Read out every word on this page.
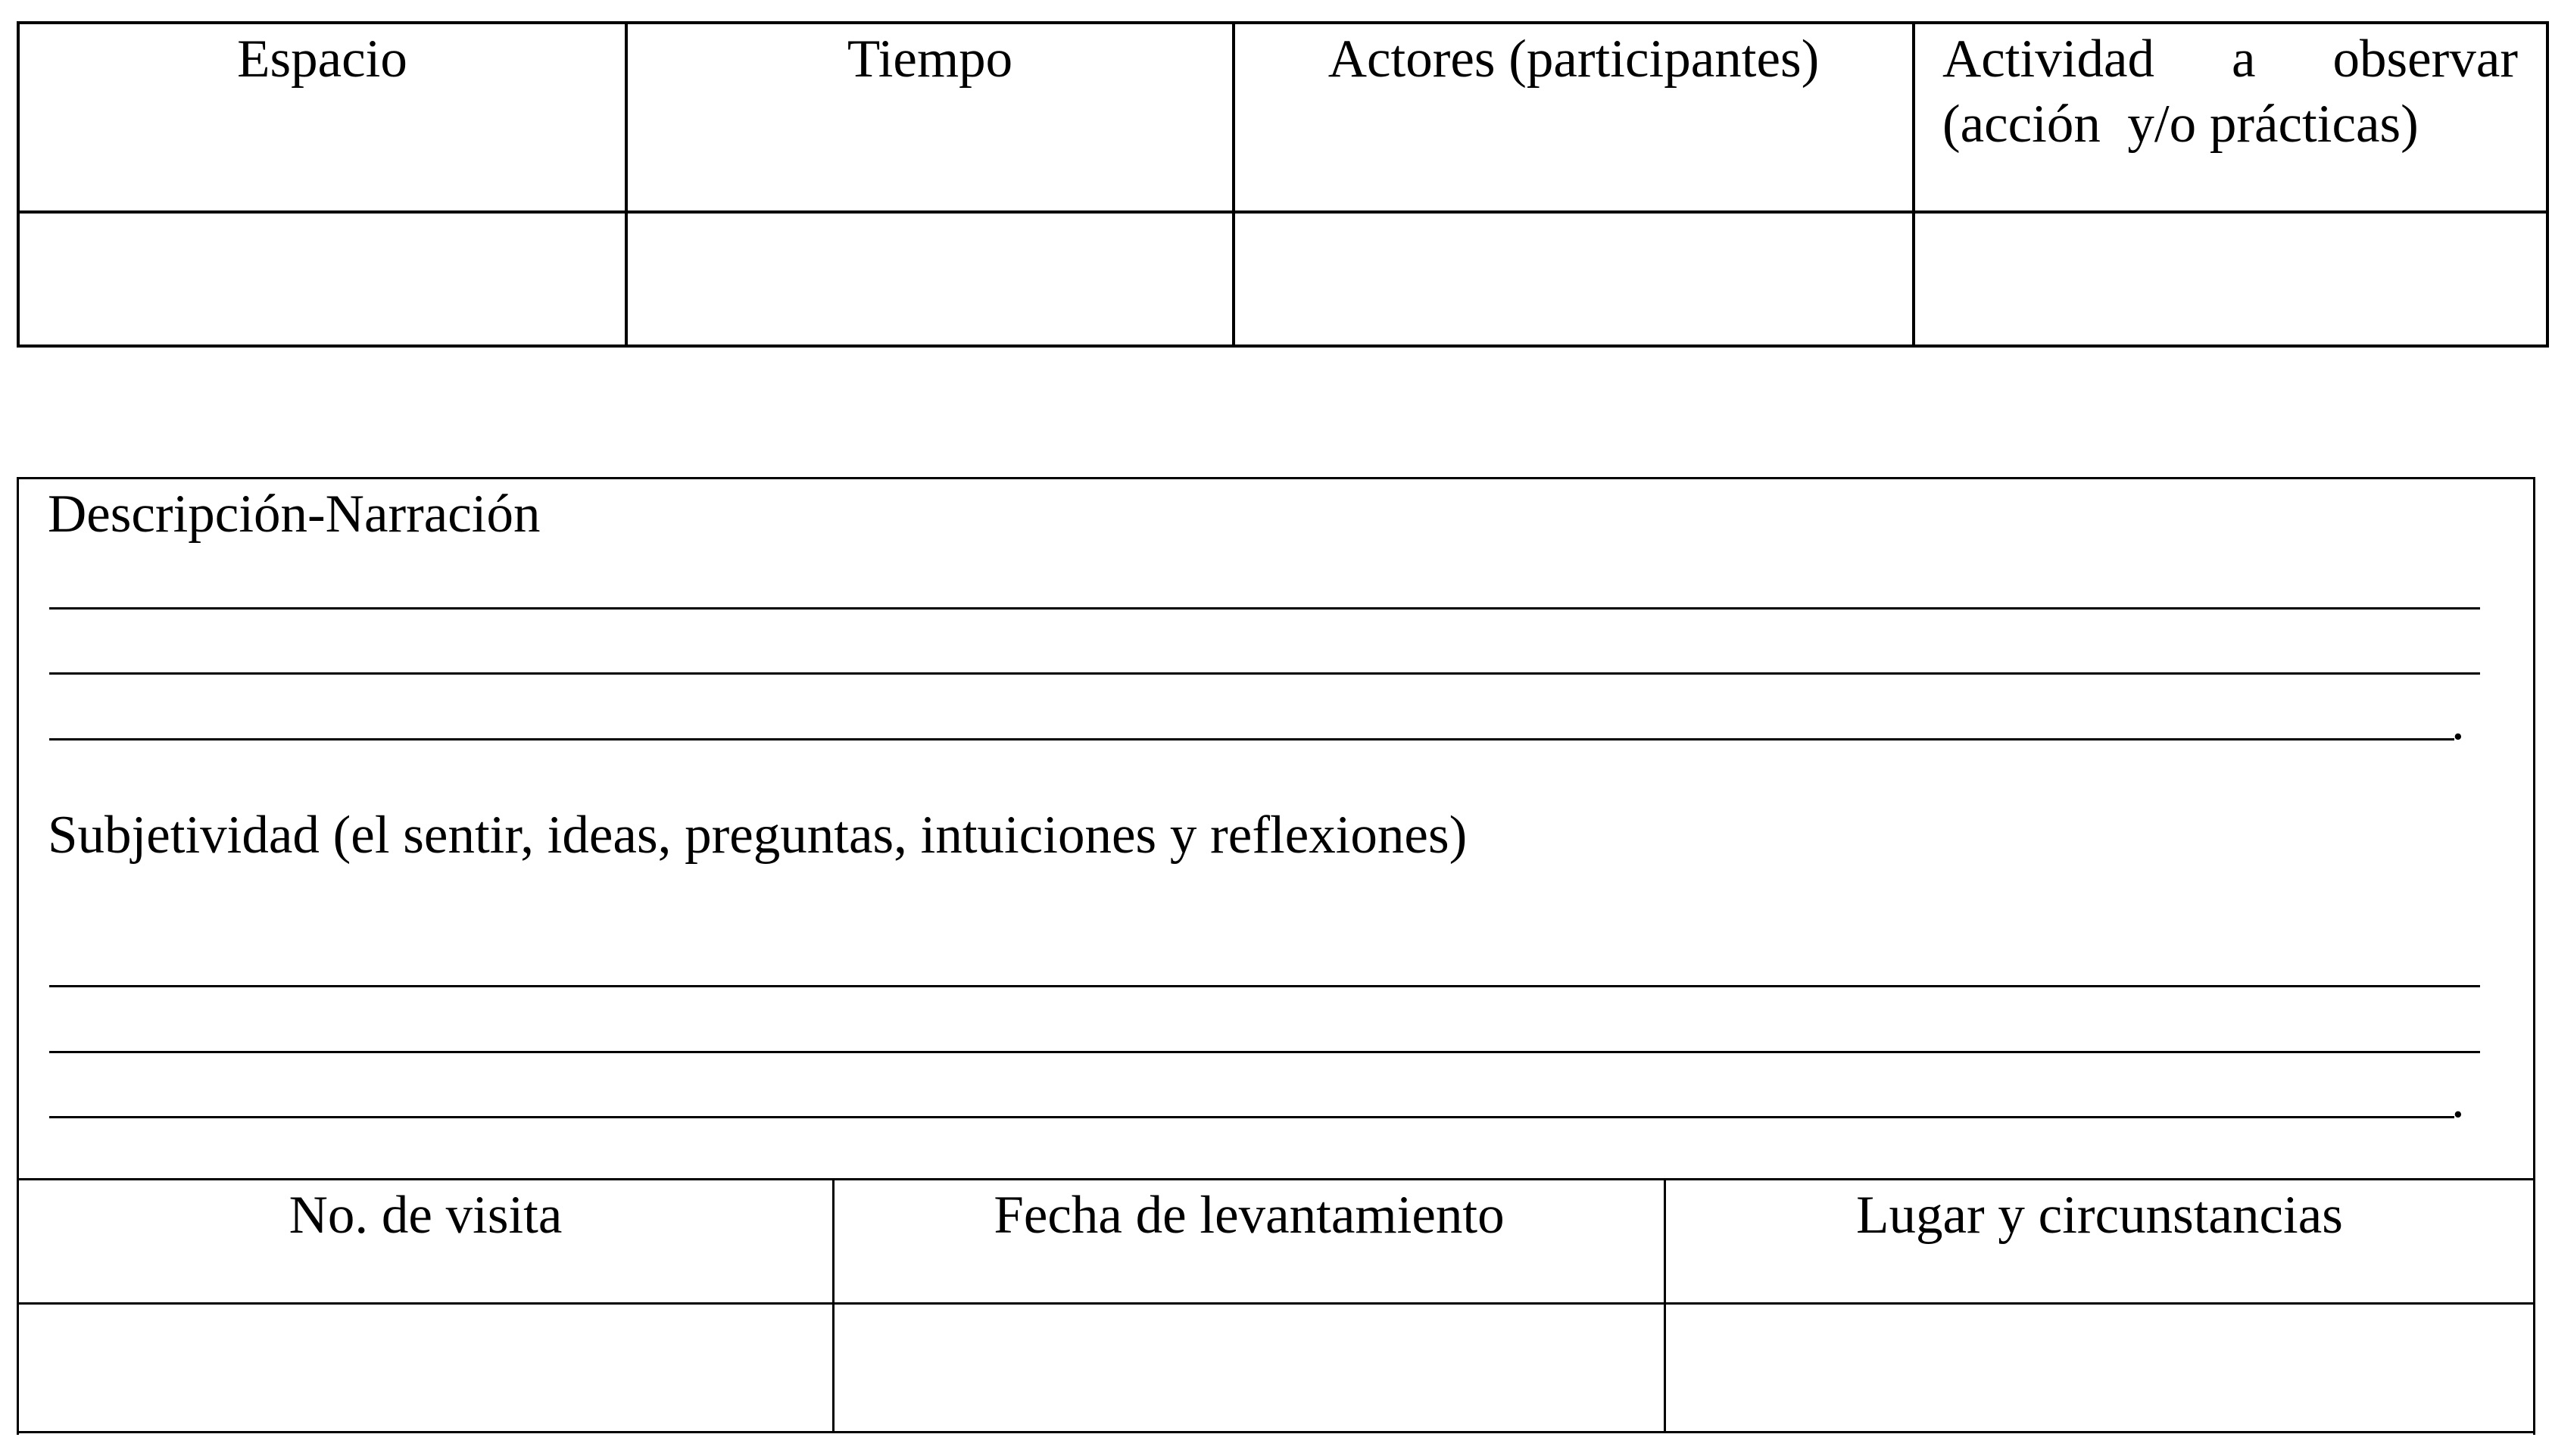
Espacio	Tiempo	Actores (participantes)	Actividad a observar
(acción  y/o prácticas)
Descripción-Narración
.
Subjetividad (el sentir, ideas, preguntas, intuiciones y reflexiones)
.
No. de visita	Fecha de levantamiento	Lugar y circunstancias
